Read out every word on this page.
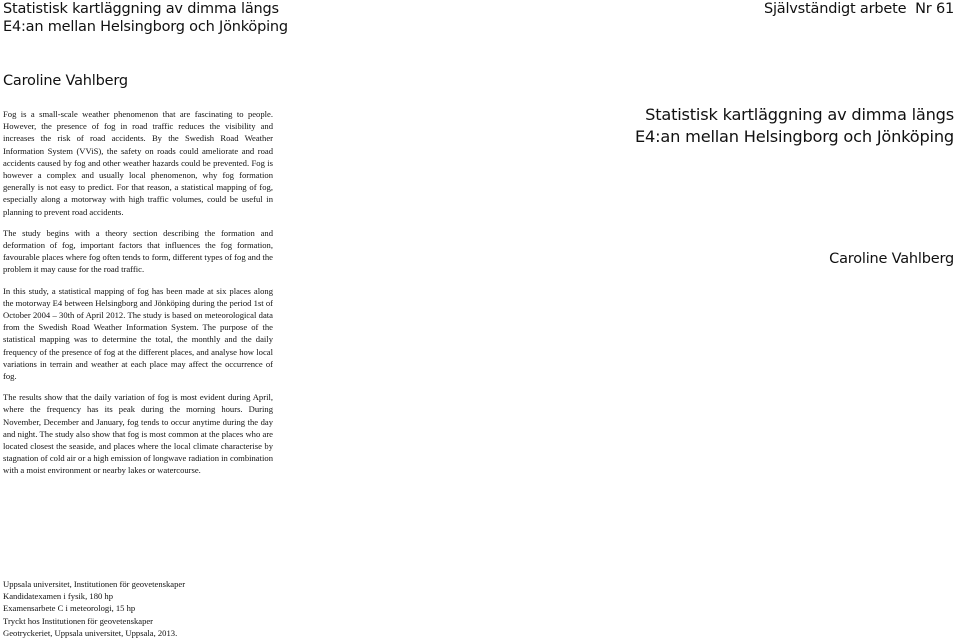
Statistisk kartläggning av dimma längs
E4:an mellan Helsingborg och Jönköping
Självständigt arbete  Nr 61
Caroline Vahlberg

Fog is a small-scale weather phenomenon that are fascinating to people. However, the presence of fog in road traffic reduces the visibility and increases the risk of road accidents. By the Swedish Road Weather Information System (VViS), the safety on roads could ameliorate and road accidents caused by fog and other weather hazards could be prevented. Fog is however a complex and usually local phenomenon, why fog formation generally is not easy to predict. For that reason, a statistical mapping of fog, especially along a motorway with high traffic volumes, could be useful in planning to prevent road accidents.

The study begins with a theory section describing the formation and deformation of fog, important factors that influences the fog formation, favourable places where fog often tends to form, different types of fog and the problem it may cause for the road traffic.

In this study, a statistical mapping of fog has been made at six places along the motorway E4 between Helsingborg and Jönköping during the period 1st of October 2004 – 30th of April 2012. The study is based on meteorological data from the Swedish Road Weather Information System. The purpose of the statistical mapping was to determine the total, the monthly and the daily frequency of the presence of fog at the different places, and analyse how local variations in terrain and weather at each place may affect the occurrence of fog.

The results show that the daily variation of fog is most evident during April, where the frequency has its peak during the morning hours. During November, December and January, fog tends to occur anytime during the day and night. The study also show that fog is most common at the places who are located closest the seaside, and places where the local climate characterise by stagnation of cold air or a high emission of longwave radiation in combination with a moist environment or nearby lakes or watercourse.

Statistisk kartläggning av dimma längs
E4:an mellan Helsingborg och Jönköping
Caroline Vahlberg
Uppsala universitet, Institutionen för geovetenskaper
Kandidatexamen i fysik, 180 hp
Examensarbete C i meteorologi, 15 hp
Tryckt hos Institutionen för geovetenskaper
Geotryckeriet, Uppsala universitet, Uppsala, 2013.
